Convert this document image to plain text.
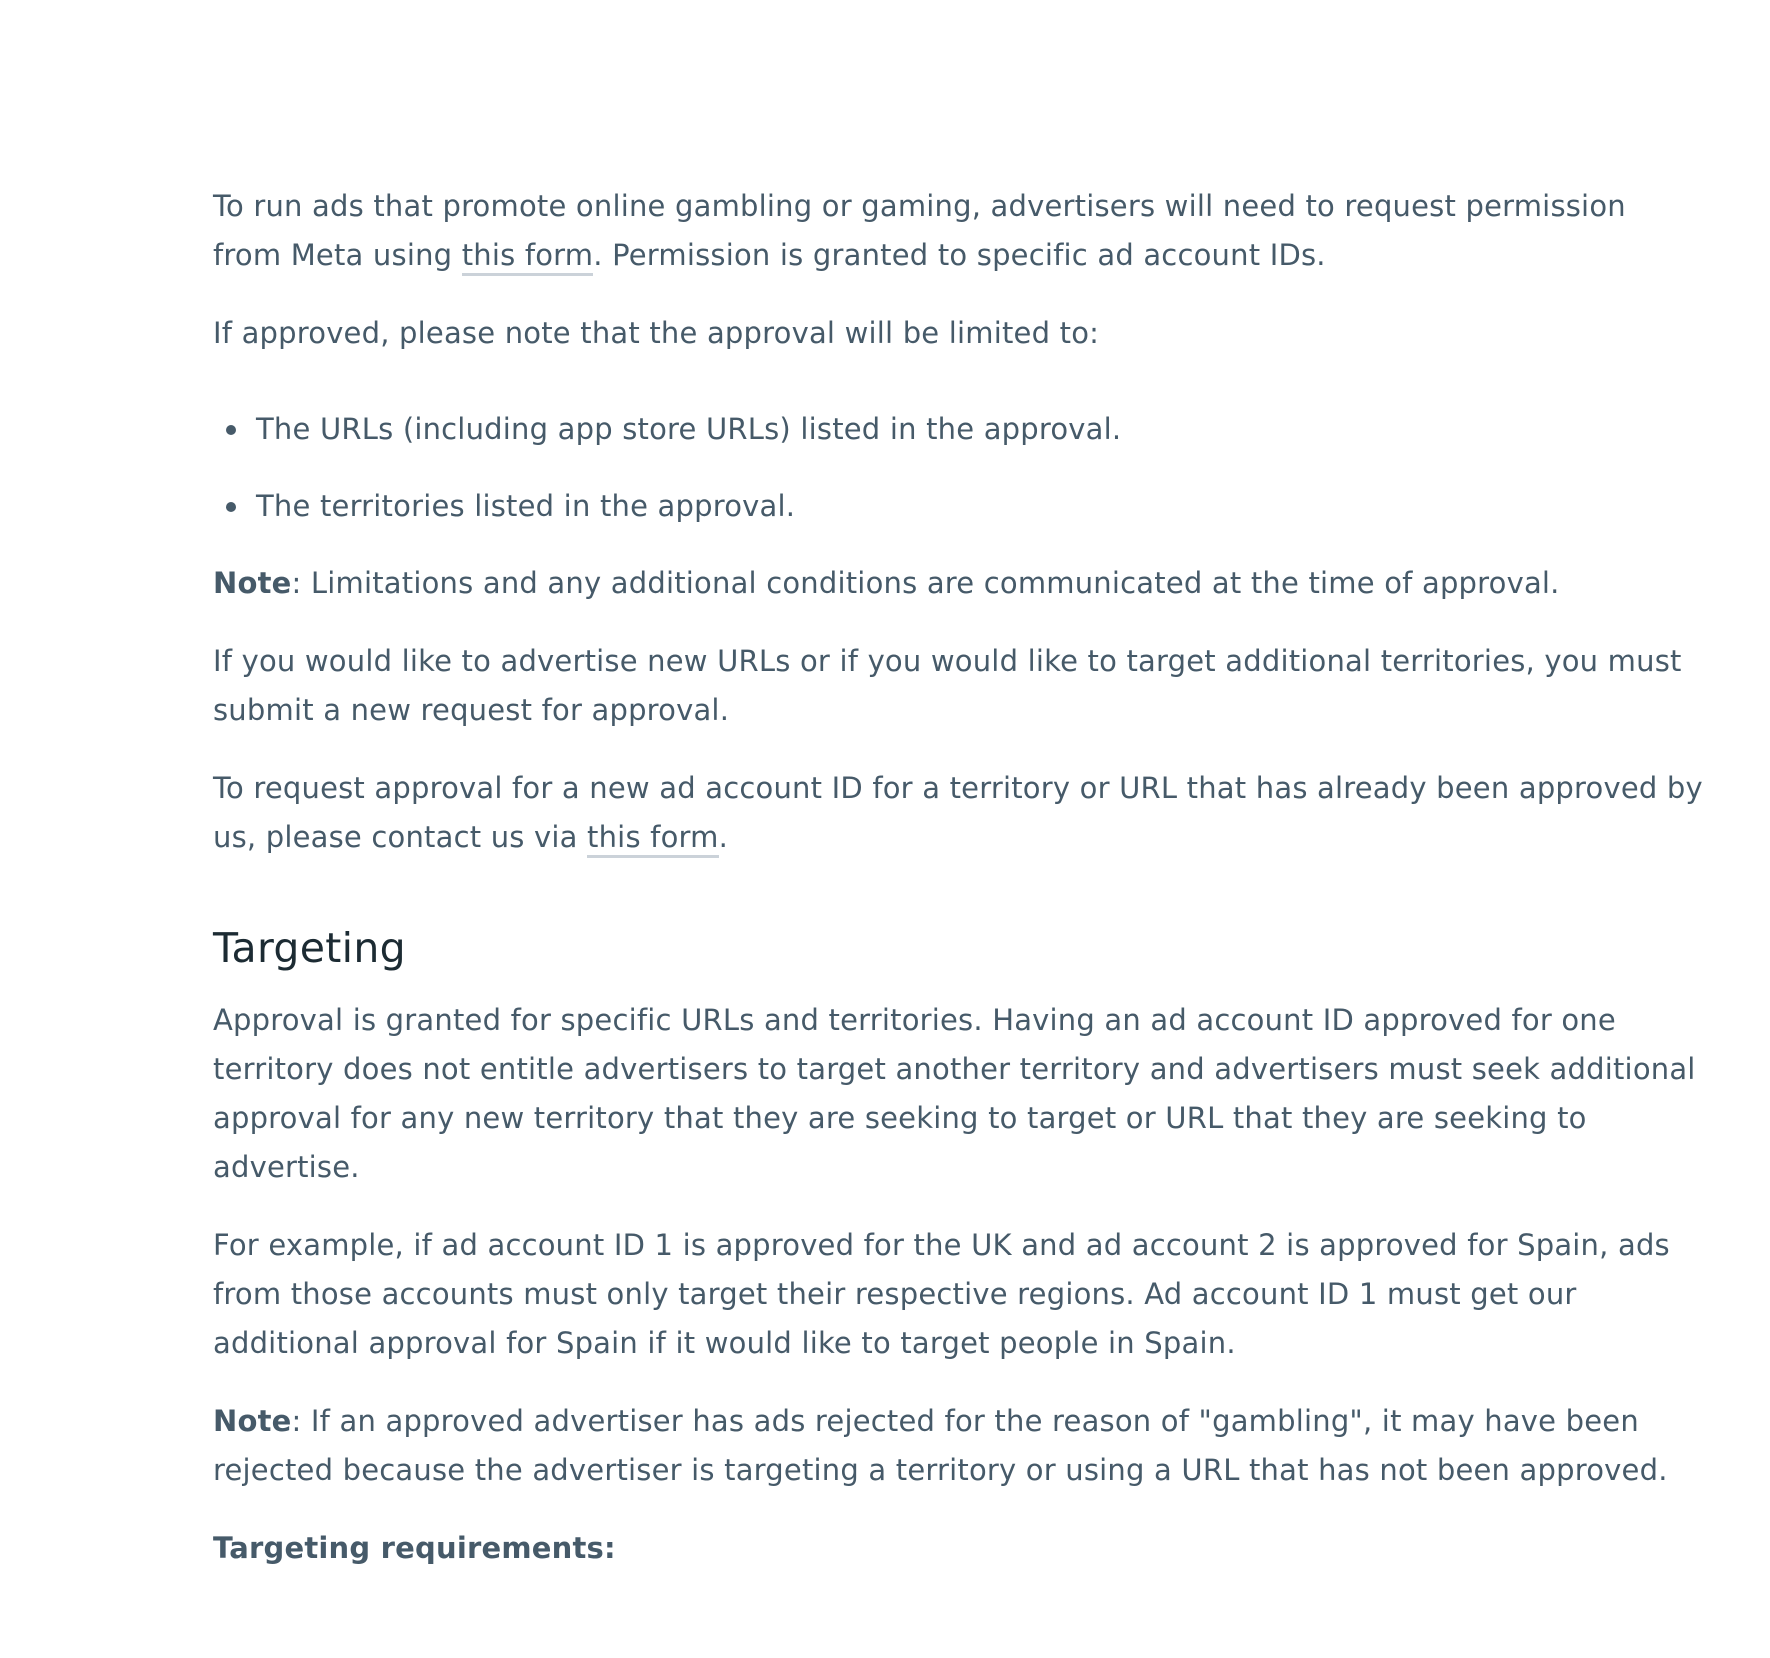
To run ads that promote online gambling or gaming, advertisers will need to request permission from Meta using this form. Permission is granted to specific ad account IDs.

If approved, please note that the approval will be limited to:

The URLs (including app store URLs) listed in the approval.
The territories listed in the approval.

Note: Limitations and any additional conditions are communicated at the time of approval.

If you would like to advertise new URLs or if you would like to target additional territories, you must submit a new request for approval.

To request approval for a new ad account ID for a territory or URL that has already been approved by us, please contact us via this form.

Targeting

Approval is granted for specific URLs and territories. Having an ad account ID approved for one territory does not entitle advertisers to target another territory and advertisers must seek additional approval for any new territory that they are seeking to target or URL that they are seeking to advertise.

For example, if ad account ID 1 is approved for the UK and ad account 2 is approved for Spain, ads from those accounts must only target their respective regions. Ad account ID 1 must get our additional approval for Spain if it would like to target people in Spain.

Note: If an approved advertiser has ads rejected for the reason of "gambling", it may have been rejected because the advertiser is targeting a territory or using a URL that has not been approved.

Targeting requirements:
